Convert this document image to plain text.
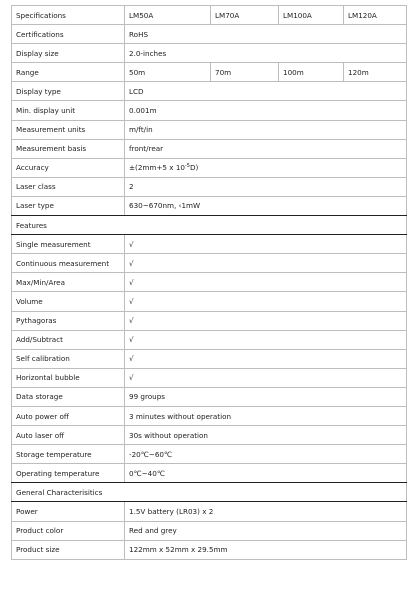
Specifications	LM50A	LM70A	LM100A	LM120A
Certifications	RoHS			
Display size	2.0-inches			
Range	50m	70m	100m	120m
Display type	LCD			
Min. display unit	0.001m			
Measurement units	m/ft/in			
Measurement basis	front/rear			
Accuracy	±(2mm+5 x $10^{-5}D$)			
Laser class	2			
Laser type	630~670nm, ‹1mW			
Features				
Single measurement	√			
Continuous measurement	√			
Max/Min/Area	√			
Volume	√			
Pythagoras	√			
Add/Subtract	√			
Self calibration	√			
Horizontal bubble	√			
Data storage	99 groups			
Auto power off	3 minutes without operation			
Auto laser off	30s without operation			
Storage temperature	-20℃~60℃			
Operating temperature	0℃~40℃			
General Characterisitics				
Power	1.5V battery (LR03) x 2			
Product color	Red and grey			
Product size	122mm x 52mm x 29.5mm			
